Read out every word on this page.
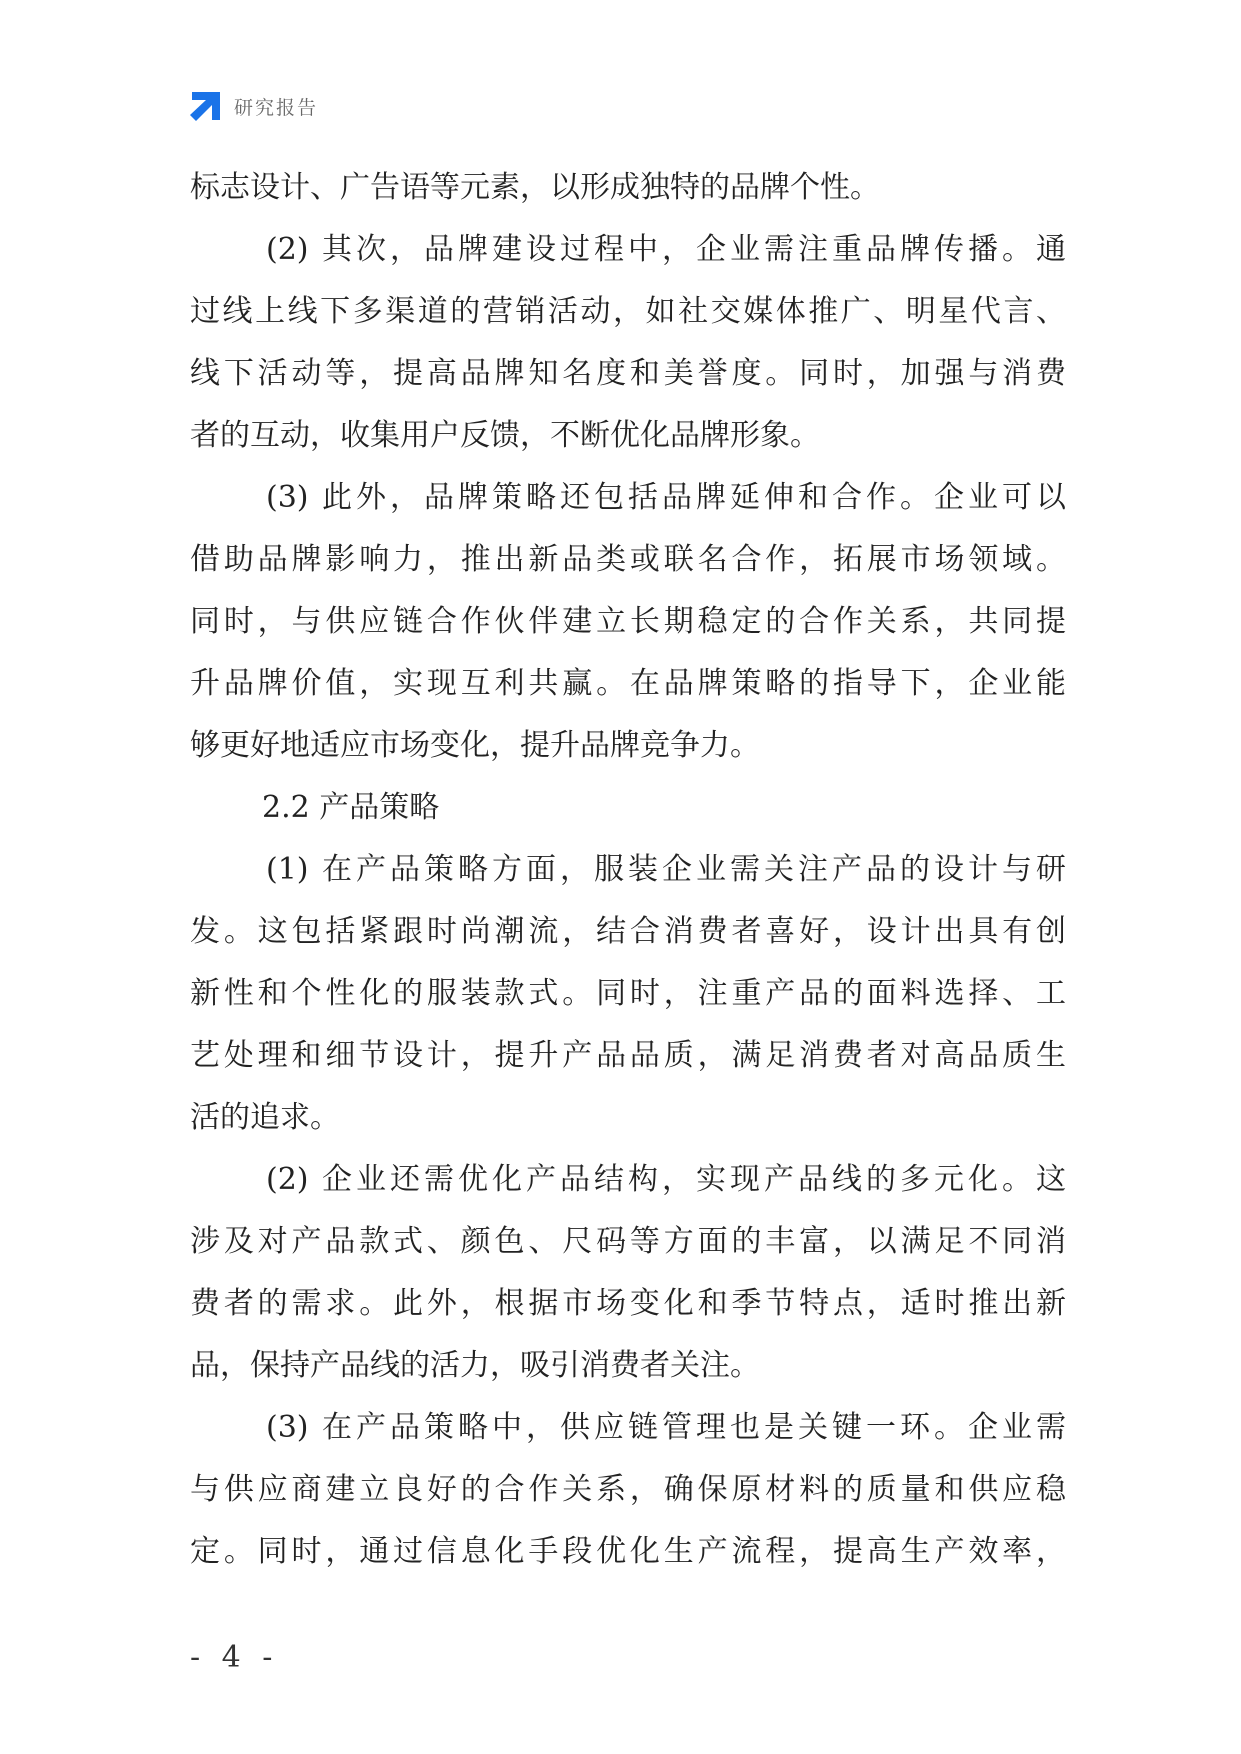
研究报告
标志设计、广告语等元素，以形成独特的品牌个性。
(2) 其次，品牌建设过程中，企业需注重品牌传播。通
过线上线下多渠道的营销活动，如社交媒体推广、明星代言、
线下活动等，提高品牌知名度和美誉度。同时，加强与消费
者的互动，收集用户反馈，不断优化品牌形象。
(3) 此外，品牌策略还包括品牌延伸和合作。企业可以
借助品牌影响力，推出新品类或联名合作，拓展市场领域。
同时，与供应链合作伙伴建立长期稳定的合作关系，共同提
升品牌价值，实现互利共赢。在品牌策略的指导下，企业能
够更好地适应市场变化，提升品牌竞争力。
2.2 产品策略
(1) 在产品策略方面，服装企业需关注产品的设计与研
发。这包括紧跟时尚潮流，结合消费者喜好，设计出具有创
新性和个性化的服装款式。同时，注重产品的面料选择、工
艺处理和细节设计，提升产品品质，满足消费者对高品质生
活的追求。
(2) 企业还需优化产品结构，实现产品线的多元化。这
涉及对产品款式、颜色、尺码等方面的丰富，以满足不同消
费者的需求。此外，根据市场变化和季节特点，适时推出新
品，保持产品线的活力，吸引消费者关注。
(3) 在产品策略中，供应链管理也是关键一环。企业需
与供应商建立良好的合作关系，确保原材料的质量和供应稳
定。同时，通过信息化手段优化生产流程，提高生产效率，
- 4 -
